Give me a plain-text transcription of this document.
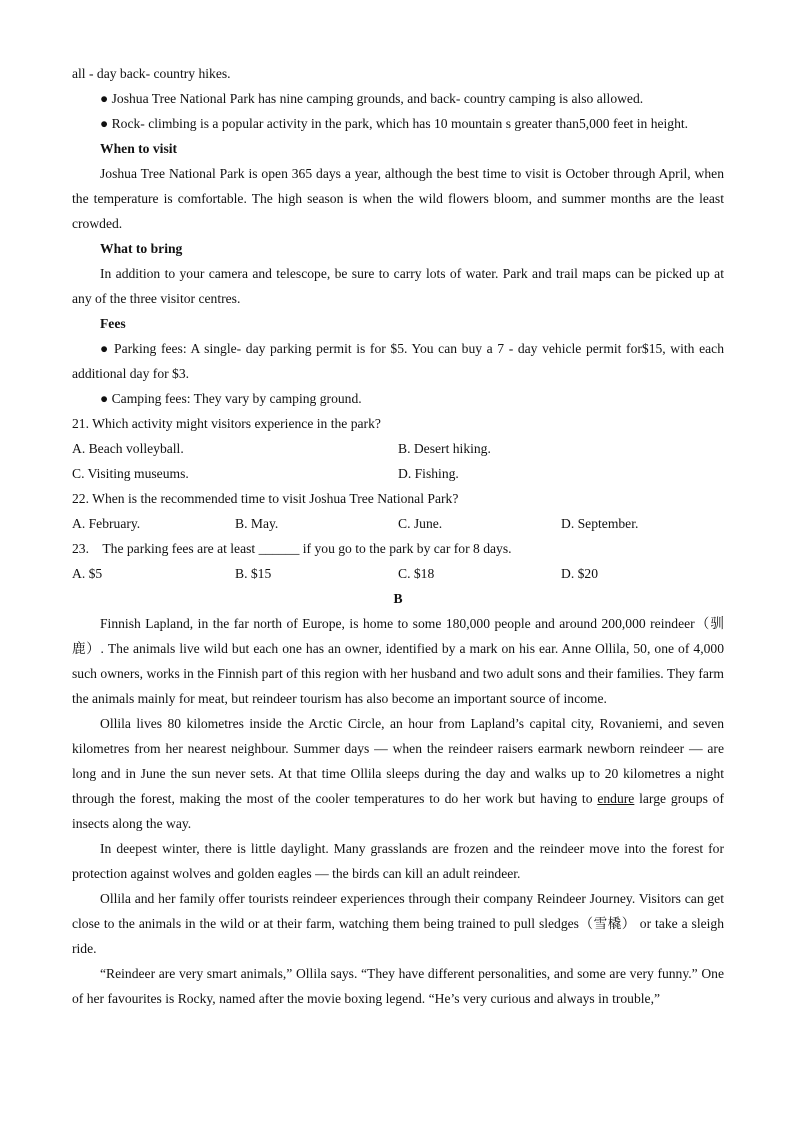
all - day back- country hikes.

● Joshua Tree National Park has nine camping grounds, and back- country camping is also allowed.

● Rock- climbing is a popular activity in the park, which has 10 mountain s greater than5,000 feet in height.

When to visit

Joshua Tree National Park is open 365 days a year, although the best time to visit is October through April, when the temperature is comfortable. The high season is when the wild flowers bloom, and summer months are the least crowded.

What to bring

In addition to your camera and telescope, be sure to carry lots of water. Park and trail maps can be picked up at any of the three visitor centres.

Fees

● Parking fees: A single- day parking permit is for $5. You can buy a 7 - day vehicle permit for$15, with each additional day for $3.

● Camping fees: They vary by camping ground.

21. Which activity might visitors experience in the park?

A. Beach volleyball.	B. Desert hiking.
C. Visiting museums.	D. Fishing.

22. When is the recommended time to visit Joshua Tree National Park?

A. February.	B. May.	C. June.	D. September.

23.    The parking fees are at least ______ if you go to the park by car for 8 days.

A. $5	B. $15	C. $18	D. $20

B

Finnish Lapland, in the far north of Europe, is home to some 180,000 people and around 200,000 reindeer（驯鹿）. The animals live wild but each one has an owner, identified by a mark on his ear. Anne Ollila, 50, one of 4,000 such owners, works in the Finnish part of this region with her husband and two adult sons and their families. They farm the animals mainly for meat, but reindeer tourism has also become an important source of income.

Ollila lives 80 kilometres inside the Arctic Circle, an hour from Lapland’s capital city, Rovaniemi, and seven kilometres from her nearest neighbour. Summer days — when the reindeer raisers earmark newborn reindeer — are long and in June the sun never sets. At that time Ollila sleeps during the day and walks up to 20 kilometres a night through the forest, making the most of the cooler temperatures to do her work but having to endure large groups of insects along the way.

In deepest winter, there is little daylight. Many grasslands are frozen and the reindeer move into the forest for protection against wolves and golden eagles — the birds can kill an adult reindeer.

Ollila and her family offer tourists reindeer experiences through their company Reindeer Journey. Visitors can get close to the animals in the wild or at their farm, watching them being trained to pull sledges（雪橇） or take a sleigh ride.

“Reindeer are very smart animals,” Ollila says. “They have different personalities, and some are very funny.” One of her favourites is Rocky, named after the movie boxing legend. “He’s very curious and always in trouble,”
